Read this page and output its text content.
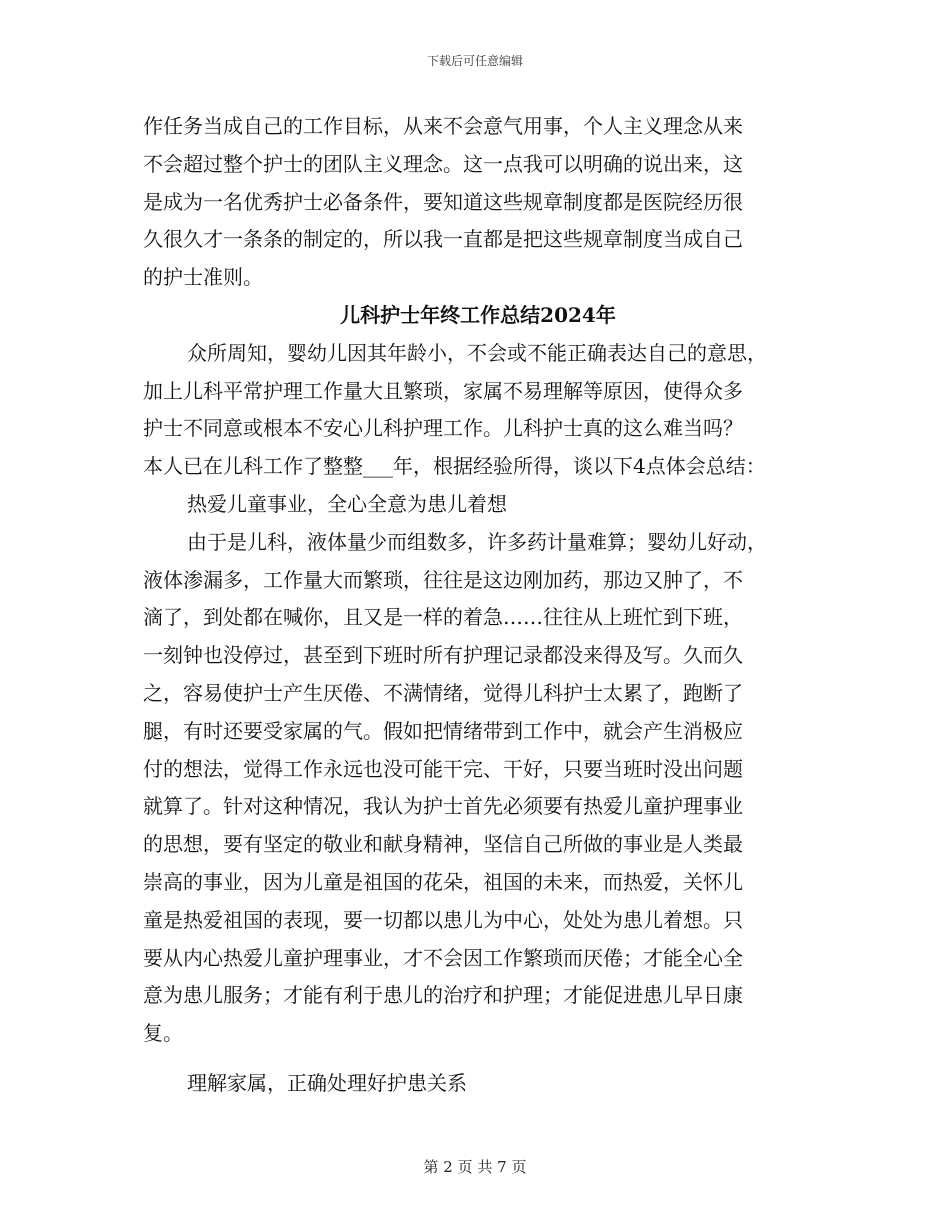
下载后可任意编辑
作任务当成自己的工作目标，从来不会意气用事，个人主义理念从来
不会超过整个护士的团队主义理念。这一点我可以明确的说出来，这
是成为一名优秀护士必备条件，要知道这些规章制度都是医院经历很
久很久才一条条的制定的，所以我一直都是把这些规章制度当成自己
的护士准则。
儿科护士年终工作总结2024年
众所周知，婴幼儿因其年龄小，不会或不能正确表达自己的意思，
加上儿科平常护理工作量大且繁琐，家属不易理解等原因，使得众多
护士不同意或根本不安心儿科护理工作。儿科护士真的这么难当吗？
本人已在儿科工作了整整___年，根据经验所得，谈以下4点体会总结：
热爱儿童事业，全心全意为患儿着想
由于是儿科，液体量少而组数多，许多药计量难算；婴幼儿好动，
液体渗漏多，工作量大而繁琐，往往是这边刚加药，那边又肿了，不
滴了，到处都在喊你，且又是一样的着急……往往从上班忙到下班，
一刻钟也没停过，甚至到下班时所有护理记录都没来得及写。久而久
之，容易使护士产生厌倦、不满情绪，觉得儿科护士太累了，跑断了
腿，有时还要受家属的气。假如把情绪带到工作中，就会产生消极应
付的想法，觉得工作永远也没可能干完、干好，只要当班时没出问题
就算了。针对这种情况，我认为护士首先必须要有热爱儿童护理事业
的思想，要有坚定的敬业和献身精神，坚信自己所做的事业是人类最
崇高的事业，因为儿童是祖国的花朵，祖国的未来，而热爱，关怀儿
童是热爱祖国的表现，要一切都以患儿为中心，处处为患儿着想。只
要从内心热爱儿童护理事业，才不会因工作繁琐而厌倦；才能全心全
意为患儿服务；才能有利于患儿的治疗和护理；才能促进患儿早日康
复。
理解家属，正确处理好护患关系
第 2 页 共 7 页
